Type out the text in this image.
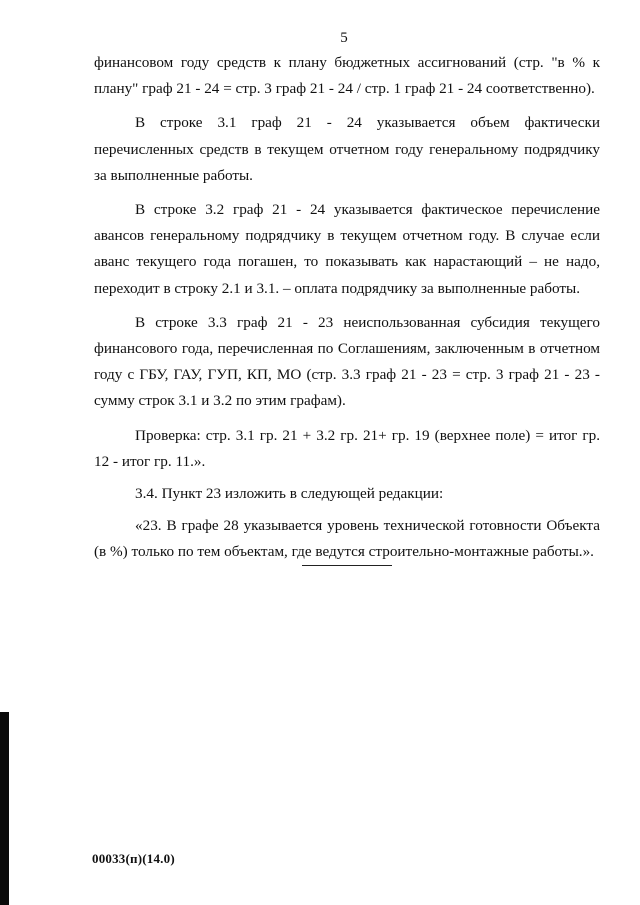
5

финансовом году средств к плану бюджетных ассигнований (стр. "в % к плану" граф 21 - 24 = стр. 3 граф 21 - 24 / стр. 1 граф 21 - 24 соответственно).

В строке 3.1 граф 21 - 24 указывается объем фактически перечисленных средств в текущем отчетном году генеральному подрядчику за выполненные работы.

В строке 3.2 граф 21 - 24 указывается фактическое перечисление авансов генеральному подрядчику в текущем отчетном году. В случае если аванс текущего года погашен, то показывать как нарастающий – не надо, переходит в строку 2.1 и 3.1. – оплата подрядчику за выполненные работы.

В строке 3.3 граф 21 - 23 неиспользованная субсидия текущего финансового года, перечисленная по Соглашениям, заключенным в отчетном году с ГБУ, ГАУ, ГУП, КП, МО (стр. 3.3 граф 21 - 23 = стр. 3 граф 21 - 23 - сумму строк 3.1 и 3.2 по этим графам).

Проверка: стр. 3.1 гр. 21 + 3.2 гр. 21+ гр. 19 (верхнее поле) = итог гр. 12 - итог гр. 11.».

3.4. Пункт 23 изложить в следующей редакции:

«23. В графе 28 указывается уровень технической готовности Объекта (в %) только по тем объектам, где ведутся строительно-монтажные работы.».

00033(п)(14.0)
